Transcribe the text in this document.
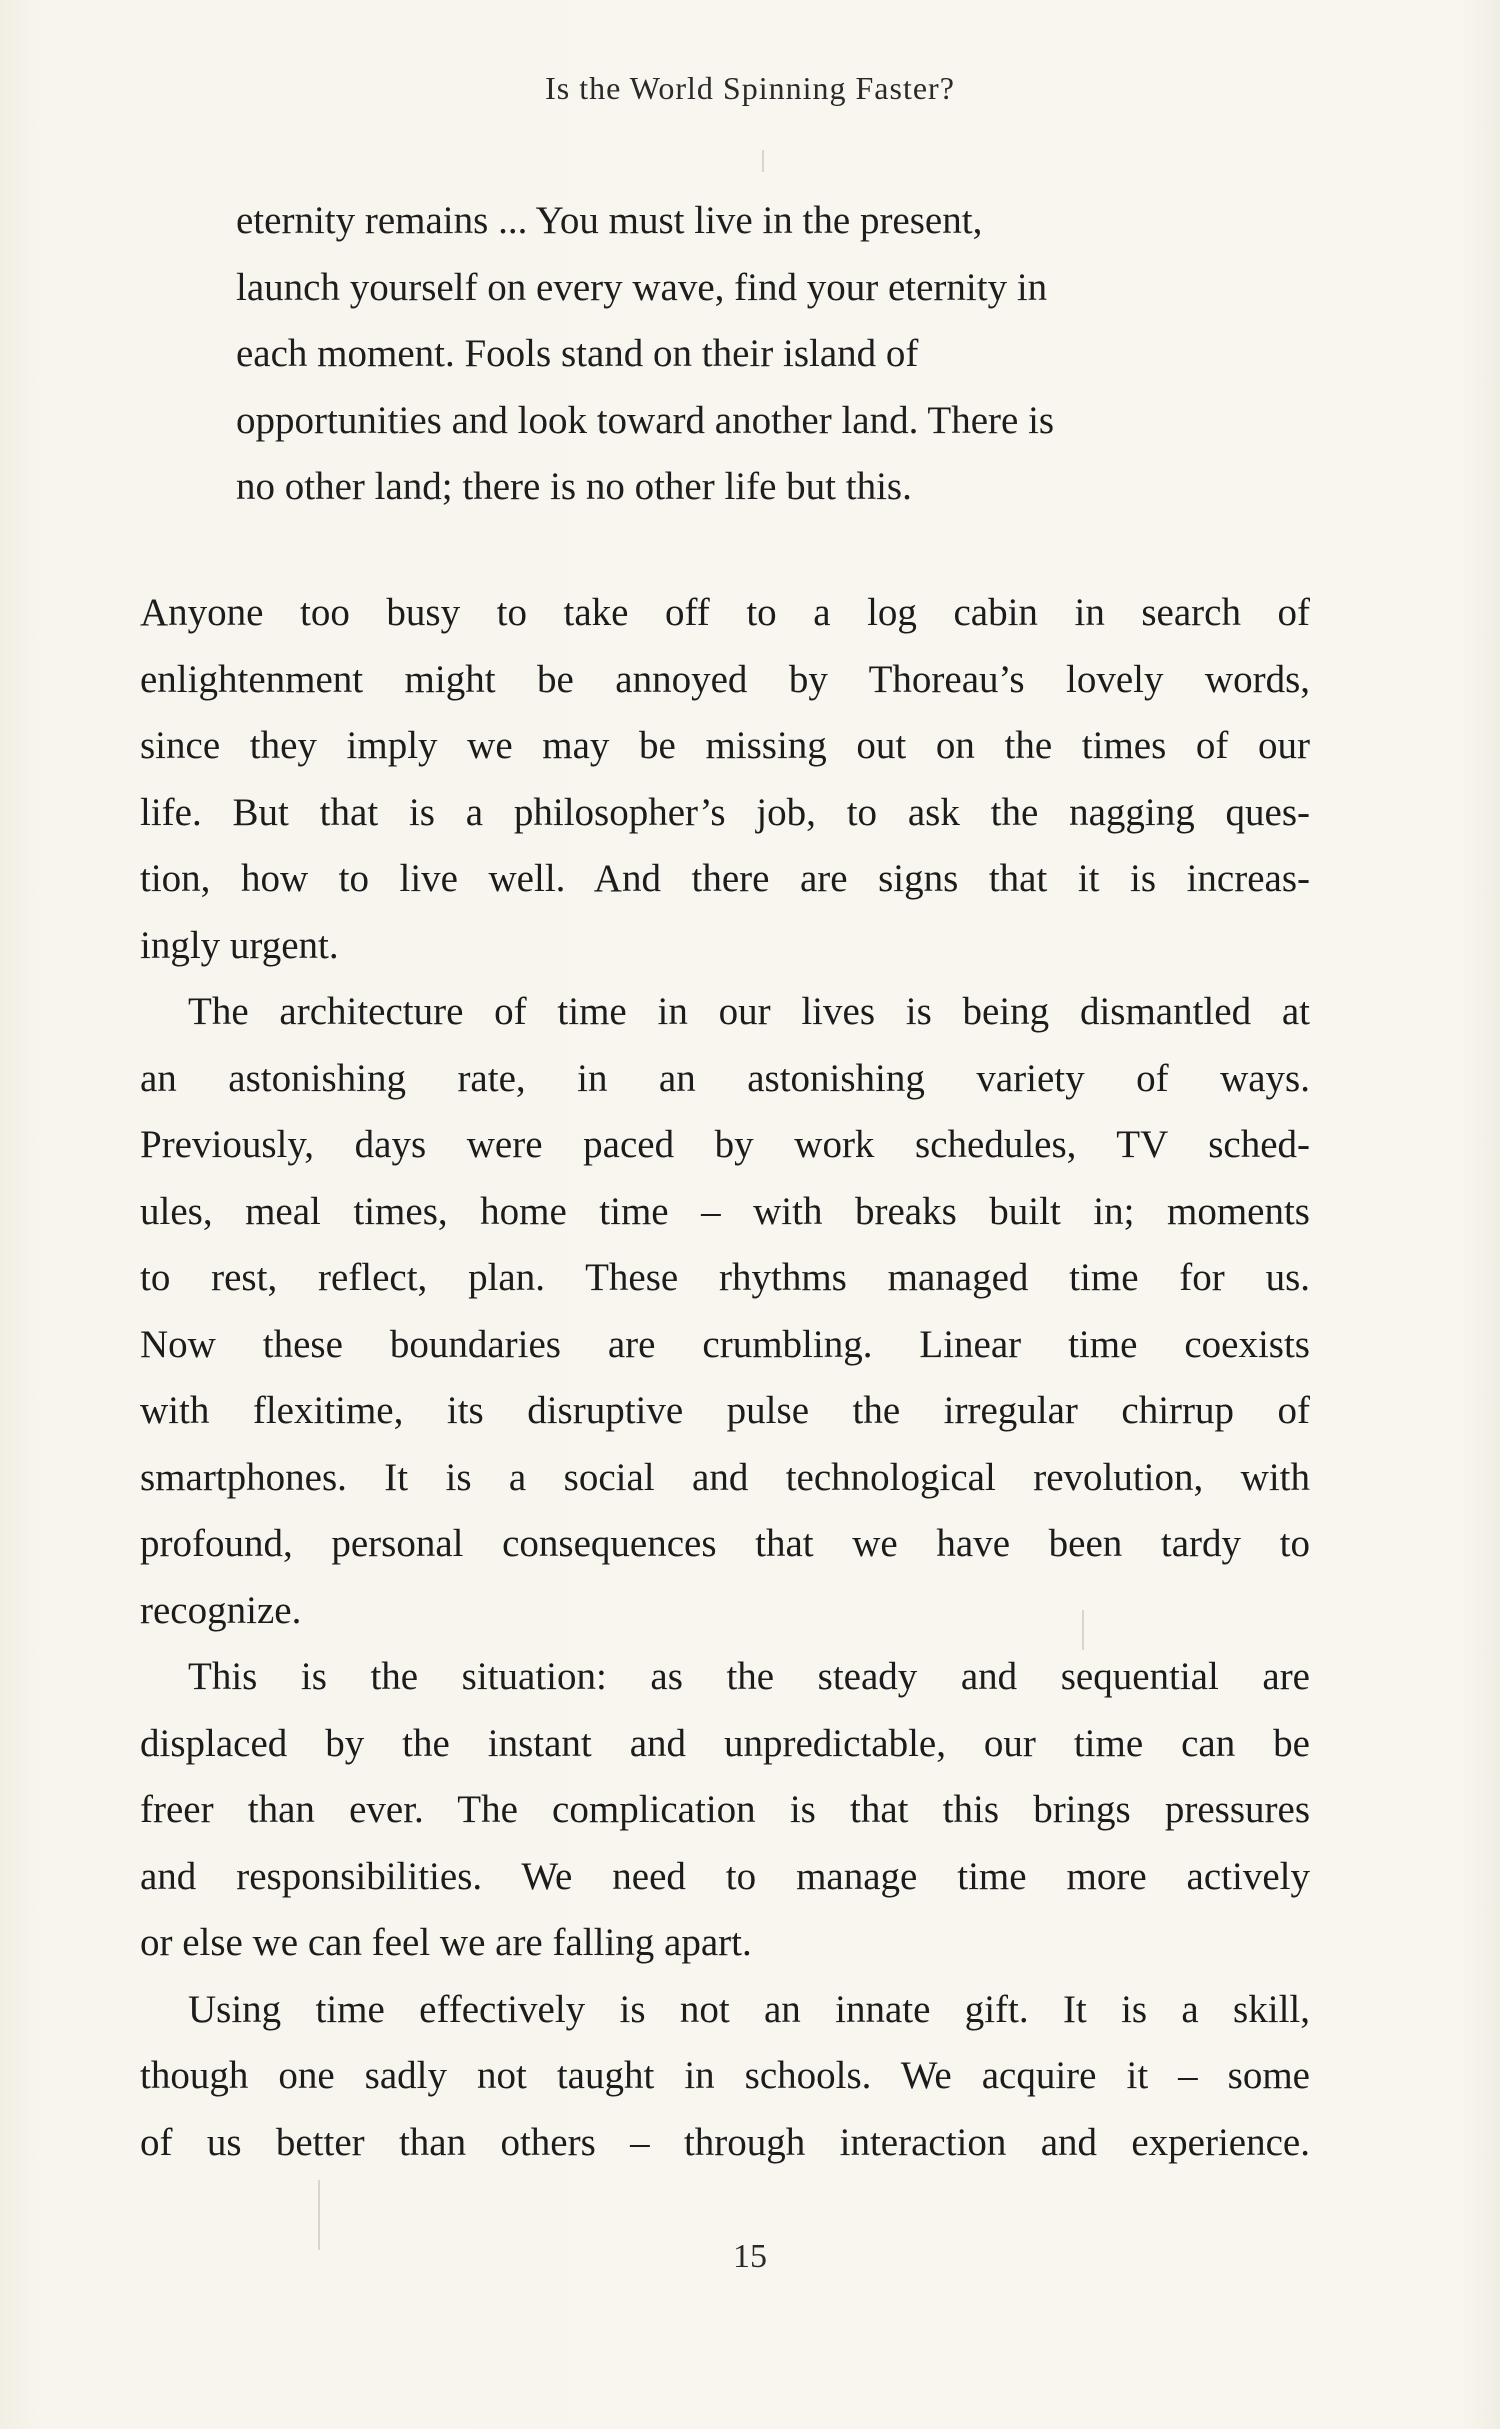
Is the World Spinning Faster?
eternity remains ... You must live in the present,
launch yourself on every wave, find your eternity in
each moment. Fools stand on their island of
opportunities and look toward another land. There is
no other land; there is no other life but this.
Anyone too busy to take off to a log cabin in search of
enlightenment might be annoyed by Thoreau’s lovely words,
since they imply we may be missing out on the times of our
life. But that is a philosopher’s job, to ask the nagging ques-
tion, how to live well. And there are signs that it is increas-
ingly urgent.
The architecture of time in our lives is being dismantled at
an astonishing rate, in an astonishing variety of ways.
Previously, days were paced by work schedules, TV sched-
ules, meal times, home time – with breaks built in; moments
to rest, reflect, plan. These rhythms managed time for us.
Now these boundaries are crumbling. Linear time coexists
with flexitime, its disruptive pulse the irregular chirrup of
smartphones. It is a social and technological revolution, with
profound, personal consequences that we have been tardy to
recognize.
This is the situation: as the steady and sequential are
displaced by the instant and unpredictable, our time can be
freer than ever. The complication is that this brings pressures
and responsibilities. We need to manage time more actively
or else we can feel we are falling apart.
Using time effectively is not an innate gift. It is a skill,
though one sadly not taught in schools. We acquire it – some
of us better than others – through interaction and experience.
15
